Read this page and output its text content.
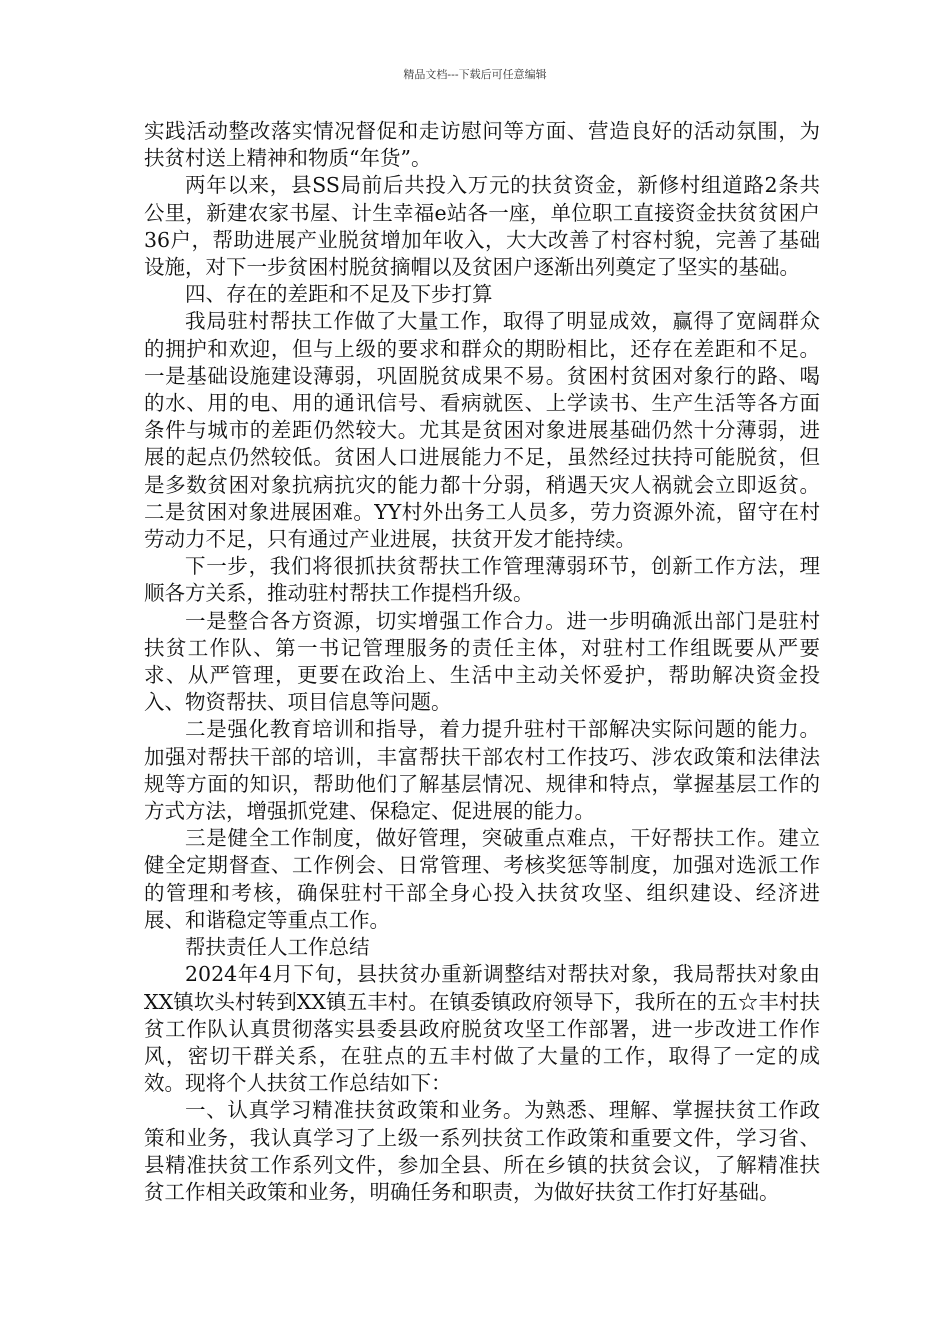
精品文档---下载后可任意编辑

实践活动整改落实情况督促和走访慰问等方面、营造良好的活动氛围，为扶贫村送上精神和物质“年货”。

两年以来，县SS局前后共投入万元的扶贫资金，新修村组道路2条共公里，新建农家书屋、计生幸福e站各一座，单位职工直接资金扶贫贫困户36户，帮助进展产业脱贫增加年收入，大大改善了村容村貌，完善了基础设施，对下一步贫困村脱贫摘帽以及贫困户逐渐出列奠定了坚实的基础。

四、存在的差距和不足及下步打算

我局驻村帮扶工作做了大量工作，取得了明显成效，赢得了宽阔群众的拥护和欢迎，但与上级的要求和群众的期盼相比，还存在差距和不足。一是基础设施建设薄弱，巩固脱贫成果不易。贫困村贫困对象行的路、喝的水、用的电、用的通讯信号、看病就医、上学读书、生产生活等各方面条件与城市的差距仍然较大。尤其是贫困对象进展基础仍然十分薄弱，进展的起点仍然较低。贫困人口进展能力不足，虽然经过扶持可能脱贫，但是多数贫困对象抗病抗灾的能力都十分弱，稍遇天灾人祸就会立即返贫。二是贫困对象进展困难。YY村外出务工人员多，劳力资源外流，留守在村劳动力不足，只有通过产业进展，扶贫开发才能持续。

下一步，我们将很抓扶贫帮扶工作管理薄弱环节，创新工作方法，理顺各方关系，推动驻村帮扶工作提档升级。

一是整合各方资源，切实增强工作合力。进一步明确派出部门是驻村扶贫工作队、第一书记管理服务的责任主体，对驻村工作组既要从严要求、从严管理，更要在政治上、生活中主动关怀爱护，帮助解决资金投入、物资帮扶、项目信息等问题。

二是强化教育培训和指导，着力提升驻村干部解决实际问题的能力。加强对帮扶干部的培训，丰富帮扶干部农村工作技巧、涉农政策和法律法规等方面的知识，帮助他们了解基层情况、规律和特点，掌握基层工作的方式方法，增强抓党建、保稳定、促进展的能力。

三是健全工作制度，做好管理，突破重点难点，干好帮扶工作。建立健全定期督查、工作例会、日常管理、考核奖惩等制度，加强对选派工作的管理和考核，确保驻村干部全身心投入扶贫攻坚、组织建设、经济进展、和谐稳定等重点工作。

帮扶责任人工作总结

2024年4月下旬，县扶贫办重新调整结对帮扶对象，我局帮扶对象由XX镇坎头村转到XX镇五丰村。在镇委镇政府领导下，我所在的五☆丰村扶贫工作队认真贯彻落实县委县政府脱贫攻坚工作部署，进一步改进工作作风，密切干群关系，在驻点的五丰村做了大量的工作，取得了一定的成效。现将个人扶贫工作总结如下：

一、认真学习精准扶贫政策和业务。为熟悉、理解、掌握扶贫工作政策和业务，我认真学习了上级一系列扶贫工作政策和重要文件，学习省、县精准扶贫工作系列文件，参加全县、所在乡镇的扶贫会议，了解精准扶贫工作相关政策和业务，明确任务和职责，为做好扶贫工作打好基础。
